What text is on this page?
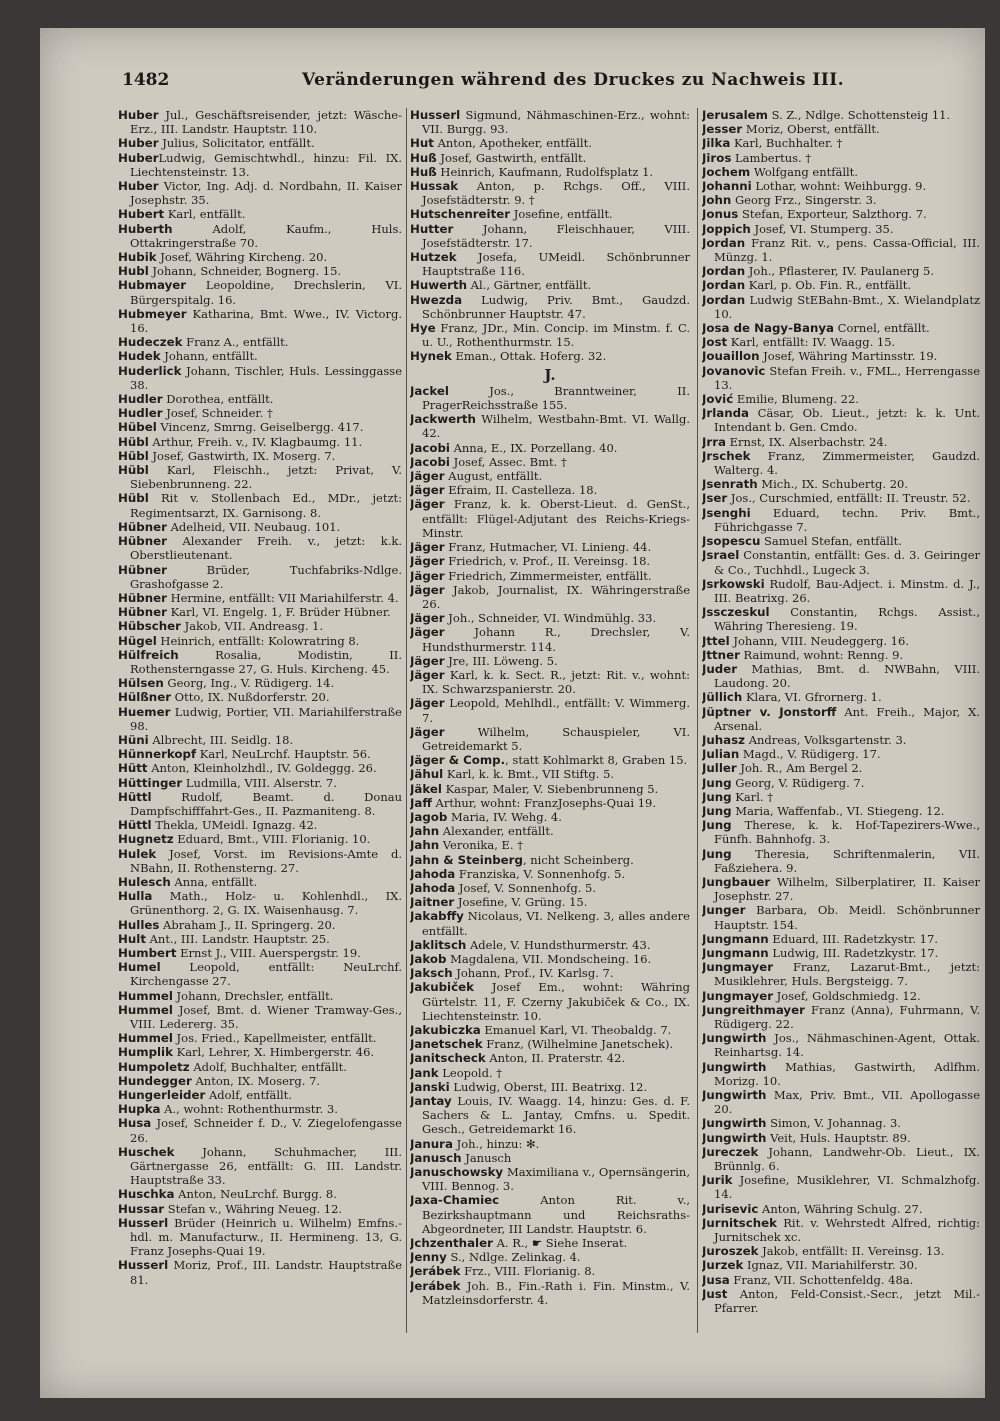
1482	Veränderungen während des Druckes zu Nachweis III.
Huber Jul., Geschäftsreisender, jetzt: Wäsche-Erz., III. Landstr. Hauptstr. 110.
Huber Julius, Solicitator, entfällt.
HuberLudwig, Gemischtwhdl., hinzu: Fil. IX. Liechtensteinstr. 13.
Huber Victor, Ing. Adj. d. Nordbahn, II. Kaiser Josephstr. 35.
Hubert Karl, entfällt.
Huberth Adolf, Kaufm., Huls. Ottakringerstraße 70.
Hubik Josef, Währing Kircheng. 20.
Hubl Johann, Schneider, Bognerg. 15.
Hubmayer Leopoldine, Drechslerin, VI. Bürgerspitalg. 16.
Hubmeyer Katharina, Bmt. Wwe., IV. Victorg. 16.
Hudeczek Franz A., entfällt.
Hudek Johann, entfällt.
Huderlick Johann, Tischler, Huls. Lessinggasse 38.
Hudler Dorothea, entfällt.
Hudler Josef, Schneider. †
Hübel Vincenz, Smrng. Geiselbergg. 417.
Hübl Arthur, Freih. v., IV. Klagbaumg. 11.
Hübl Josef, Gastwirth, IX. Moserg. 7.
Hübl Karl, Fleischh., jetzt: Privat, V. Siebenbrunneng. 22.
Hübl Rit v. Stollenbach Ed., MDr., jetzt: Regimentsarzt, IX. Garnisong. 8.
Hübner Adelheid, VII. Neubaug. 101.
Hübner Alexander Freih. v., jetzt: k.k. Oberstlieutenant.
Hübner Brüder, Tuchfabriks-Ndlge. Grashofgasse 2.
Hübner Hermine, entfällt: VII Mariahilferstr. 4.
Hübner Karl, VI. Engelg. 1, F. Brüder Hübner.
Hübscher Jakob, VII. Andreasg. 1.
Hügel Heinrich, entfällt: Kolowratring 8.
Hülfreich Rosalia, Modistin, II. Rothensterngasse 27, G. Huls. Kircheng. 45.
Hülsen Georg, Ing., V. Rüdigerg. 14.
Hülßner Otto, IX. Nußdorferstr. 20.
Huemer Ludwig, Portier, VII. Mariahilferstraße 98.
Hüni Albrecht, III. Seidlg. 18.
Hünnerkopf Karl, NeuLrchf. Hauptstr. 56.
Hütt Anton, Kleinholzhdl., IV. Goldeggg. 26.
Hüttinger Ludmilla, VIII. Alserstr. 7.
Hüttl Rudolf, Beamt. d. Donau Dampfschifffahrt-Ges., II. Pazmaniteng. 8.
Hüttl Thekla, UMeidl. Ignazg. 42.
Hugnetz Eduard, Bmt., VIII. Florianig. 10.
Hulek Josef, Vorst. im Revisions-Amte d. NBahn, II. Rothensterng. 27.
Hulesch Anna, entfällt.
Hulla Math., Holz- u. Kohlenhdl., IX. Grünenthorg. 2, G. IX. Waisenhausg. 7.
Hulles Abraham J., II. Springerg. 20.
Hult Ant., III. Landstr. Hauptstr. 25.
Humbert Ernst J., VIII. Auerspergstr. 19.
Humel Leopold, entfällt: NeuLrchf. Kirchengasse 27.
Hummel Johann, Drechsler, entfällt.
Hummel Josef, Bmt. d. Wiener Tramway-Ges., VIII. Ledererg. 35.
Hummel Jos. Fried., Kapellmeister, entfällt.
Humplik Karl, Lehrer, X. Himbergerstr. 46.
Humpoletz Adolf, Buchhalter, entfällt.
Hundegger Anton, IX. Moserg. 7.
Hungerleider Adolf, entfällt.
Hupka A., wohnt: Rothenthurmstr. 3.
Husa Josef, Schneider f. D., V. Ziegelofengasse 26.
Huschek Johann, Schuhmacher, III. Gärtnergasse 26, entfällt: G. III. Landstr. Hauptstraße 33.
Huschka Anton, NeuLrchf. Burgg. 8.
Hussar Stefan v., Währing Neueg. 12.
Husserl Brüder (Heinrich u. Wilhelm) Emfns.-hdl. m. Manufacturw., II. Hermineng. 13, G. Franz Josephs-Quai 19.
Husserl Moriz, Prof., III. Landstr. Hauptstraße 81.
Husserl Sigmund, Nähmaschinen-Erz., wohnt: VII. Burgg. 93.
Hut Anton, Apotheker, entfällt.
Huß Josef, Gastwirth, entfällt.
Huß Heinrich, Kaufmann, Rudolfsplatz 1.
Hussak Anton, p. Rchgs. Off., VIII. Josefstädterstr. 9. †
Hutschenreiter Josefine, entfällt.
Hutter Johann, Fleischhauer, VIII. Josefstädterstr. 17.
Hutzek Josefa, UMeidl. Schönbrunner Hauptstraße 116.
Huwerth Al., Gärtner, entfällt.
Hwezda Ludwig, Priv. Bmt., Gaudzd. Schönbrunner Hauptstr. 47.
Hye Franz, JDr., Min. Concip. im Minstm. f. C. u. U., Rothenthurmstr. 15.
Hynek Eman., Ottak. Hoferg. 32.
J.
Jackel Jos., Branntweiner, II. PragerReichsstraße 155.
Jackwerth Wilhelm, Westbahn-Bmt. VI. Wallg. 42.
Jacobi Anna, E., IX. Porzellang. 40.
Jacobi Josef, Assec. Bmt. †
Jäger August, entfällt.
Jäger Efraim, II. Castelleza. 18.
Jäger Franz, k. k. Oberst-Lieut. d. GenSt., entfällt: Flügel-Adjutant des Reichs-Kriegs-Minstr.
Jäger Franz, Hutmacher, VI. Linieng. 44.
Jäger Friedrich, v. Prof., II. Vereinsg. 18.
Jäger Friedrich, Zimmermeister, entfällt.
Jäger Jakob, Journalist, IX. Währingerstraße 26.
Jäger Joh., Schneider, VI. Windmühlg. 33.
Jäger Johann R., Drechsler, V. Hundsthurmerstr. 114.
Jäger Jre, III. Löweng. 5.
Jäger Karl, k. k. Sect. R., jetzt: Rit. v., wohnt: IX. Schwarzspanierstr. 20.
Jäger Leopold, Mehlhdl., entfällt: V. Wimmerg. 7.
Jäger Wilhelm, Schauspieler, VI. Getreidemarkt 5.
Jäger & Comp., statt Kohlmarkt 8, Graben 15.
Jähul Karl, k. k. Bmt., VII Stiftg. 5.
Jäkel Kaspar, Maler, V. Siebenbrunneng 5.
Jaff Arthur, wohnt: FranzJosephs-Quai 19.
Jagob Maria, IV. Wehg. 4.
Jahn Alexander, entfällt.
Jahn Veronika, E. †
Jahn & Steinberg, nicht Scheinberg.
Jahoda Franziska, V. Sonnenhofg. 5.
Jahoda Josef, V. Sonnenhofg. 5.
Jaitner Josefine, V. Grüng. 15.
Jakabffy Nicolaus, VI. Nelkeng. 3, alles andere entfällt.
Jaklitsch Adele, V. Hundsthurmerstr. 43.
Jakob Magdalena, VII. Mondscheing. 16.
Jaksch Johann, Prof., IV. Karlsg. 7.
Jakubiček Josef Em., wohnt: Währing Gürtelstr. 11, F. Czerny Jakubiček & Co., IX. Liechtensteinstr. 10.
Jakubiczka Emanuel Karl, VI. Theobaldg. 7.
Janetschek Franz, (Wilhelmine Janetschek).
Janitscheck Anton, II. Praterstr. 42.
Jank Leopold. †
Janski Ludwig, Oberst, III. Beatrixg. 12.
Jantay Louis, IV. Waagg. 14, hinzu: Ges. d. F. Sachers & L. Jantay, Cmfns. u. Spedit. Gesch., Getreidemarkt 16.
Janura Joh., hinzu: ✻.
Janusch Janusch
Januschowsky Maximiliana v., Opernsängerin, VIII. Bennog. 3.
Jaxa-Chamiec Anton Rit. v., Bezirkshauptmann und Reichsraths-Abgeordneter, III Landstr. Hauptstr. 6.
Jchzenthaler A. R., ☛ Siehe Inserat.
Jenny S., Ndlge. Zelinkag. 4.
Jerábek Frz., VIII. Florianig. 8.
Jerábek Joh. B., Fin.-Rath i. Fin. Minstm., V. Matzleinsdorferstr. 4.
Jerusalem S. Z., Ndlge. Schottensteig 11.
Jesser Moriz, Oberst, entfällt.
Jilka Karl, Buchhalter. †
Jiros Lambertus. †
Jochem Wolfgang entfällt.
Johanni Lothar, wohnt: Weihburgg. 9.
John Georg Frz., Singerstr. 3.
Jonus Stefan, Exporteur, Salzthorg. 7.
Joppich Josef, VI. Stumperg. 35.
Jordan Franz Rit. v., pens. Cassa-Official, III. Münzg. 1.
Jordan Joh., Pflasterer, IV. Paulanerg 5.
Jordan Karl, p. Ob. Fin. R., entfällt.
Jordan Ludwig StEBahn-Bmt., X. Wielandplatz 10.
Josa de Nagy-Banya Cornel, entfällt.
Jost Karl, entfällt: IV. Waagg. 15.
Jouaillon Josef, Währing Martinsstr. 19.
Jovanovic Stefan Freih. v., FML., Herrengasse 13.
Jović Emilie, Blumeng. 22.
Jrlanda Cäsar, Ob. Lieut., jetzt: k. k. Unt. Intendant b. Gen. Cmdo.
Jrra Ernst, IX. Alserbachstr. 24.
Jrschek Franz, Zimmermeister, Gaudzd. Walterg. 4.
Jsenrath Mich., IX. Schubertg. 20.
Jser Jos., Curschmied, entfällt: II. Treustr. 52.
Jsenghi Eduard, techn. Priv. Bmt., Führichgasse 7.
Jsopescu Samuel Stefan, entfällt.
Jsrael Constantin, entfällt: Ges. d. 3. Geiringer & Co., Tuchhdl., Lugeck 3.
Jsrkowski Rudolf, Bau-Adject. i. Minstm. d. J., III. Beatrixg. 26.
Jssczeskul Constantin, Rchgs. Assist., Währing Theresieng. 19.
Jttel Johann, VIII. Neudeggerg. 16.
Jttner Raimund, wohnt: Renng. 9.
Juder Mathias, Bmt. d. NWBahn, VIII. Laudong. 20.
Jüllich Klara, VI. Gfrornerg. 1.
Jüptner v. Jonstorff Ant. Freih., Major, X. Arsenal.
Juhasz Andreas, Volksgartenstr. 3.
Julian Magd., V. Rüdigerg. 17.
Juller Joh. R., Am Bergel 2.
Jung Georg, V. Rüdigerg. 7.
Jung Karl. †
Jung Maria, Waffenfab., VI. Stiegeng. 12.
Jung Therese, k. k. Hof-Tapezirers-Wwe., Fünfh. Bahnhofg. 3.
Jung Theresia, Schriftenmalerin, VII. Faßziehera. 9.
Jungbauer Wilhelm, Silberplatirer, II. Kaiser Josephstr. 27.
Junger Barbara, Ob. Meidl. Schönbrunner Hauptstr. 154.
Jungmann Eduard, III. Radetzkystr. 17.
Jungmann Ludwig, III. Radetzkystr. 17.
Jungmayer Franz, Lazarut-Bmt., jetzt: Musiklehrer, Huls. Bergsteigg. 7.
Jungmayer Josef, Goldschmiedg. 12.
Jungreithmayer Franz (Anna), Fuhrmann, V. Rüdigerg. 22.
Jungwirth Jos., Nähmaschinen-Agent, Ottak. Reinhartsg. 14.
Jungwirth Mathias, Gastwirth, Adlfhm. Morizg. 10.
Jungwirth Max, Priv. Bmt., VII. Apollogasse 20.
Jungwirth Simon, V. Johannag. 3.
Jungwirth Veit, Huls. Hauptstr. 89.
Jureczek Johann, Landwehr-Ob. Lieut., IX. Brünnlg. 6.
Jurik Josefine, Musiklehrer, VI. Schmalzhofg. 14.
Jurisevic Anton, Währing Schulg. 27.
Jurnitschek Rit. v. Wehrstedt Alfred, richtig: Jurnitschek xc.
Juroszek Jakob, entfällt: II. Vereinsg. 13.
Jurzek Ignaz, VII. Mariahilferstr. 30.
Jusa Franz, VII. Schottenfeldg. 48a.
Just Anton, Feld-Consist.-Secr., jetzt Mil.-Pfarrer.
